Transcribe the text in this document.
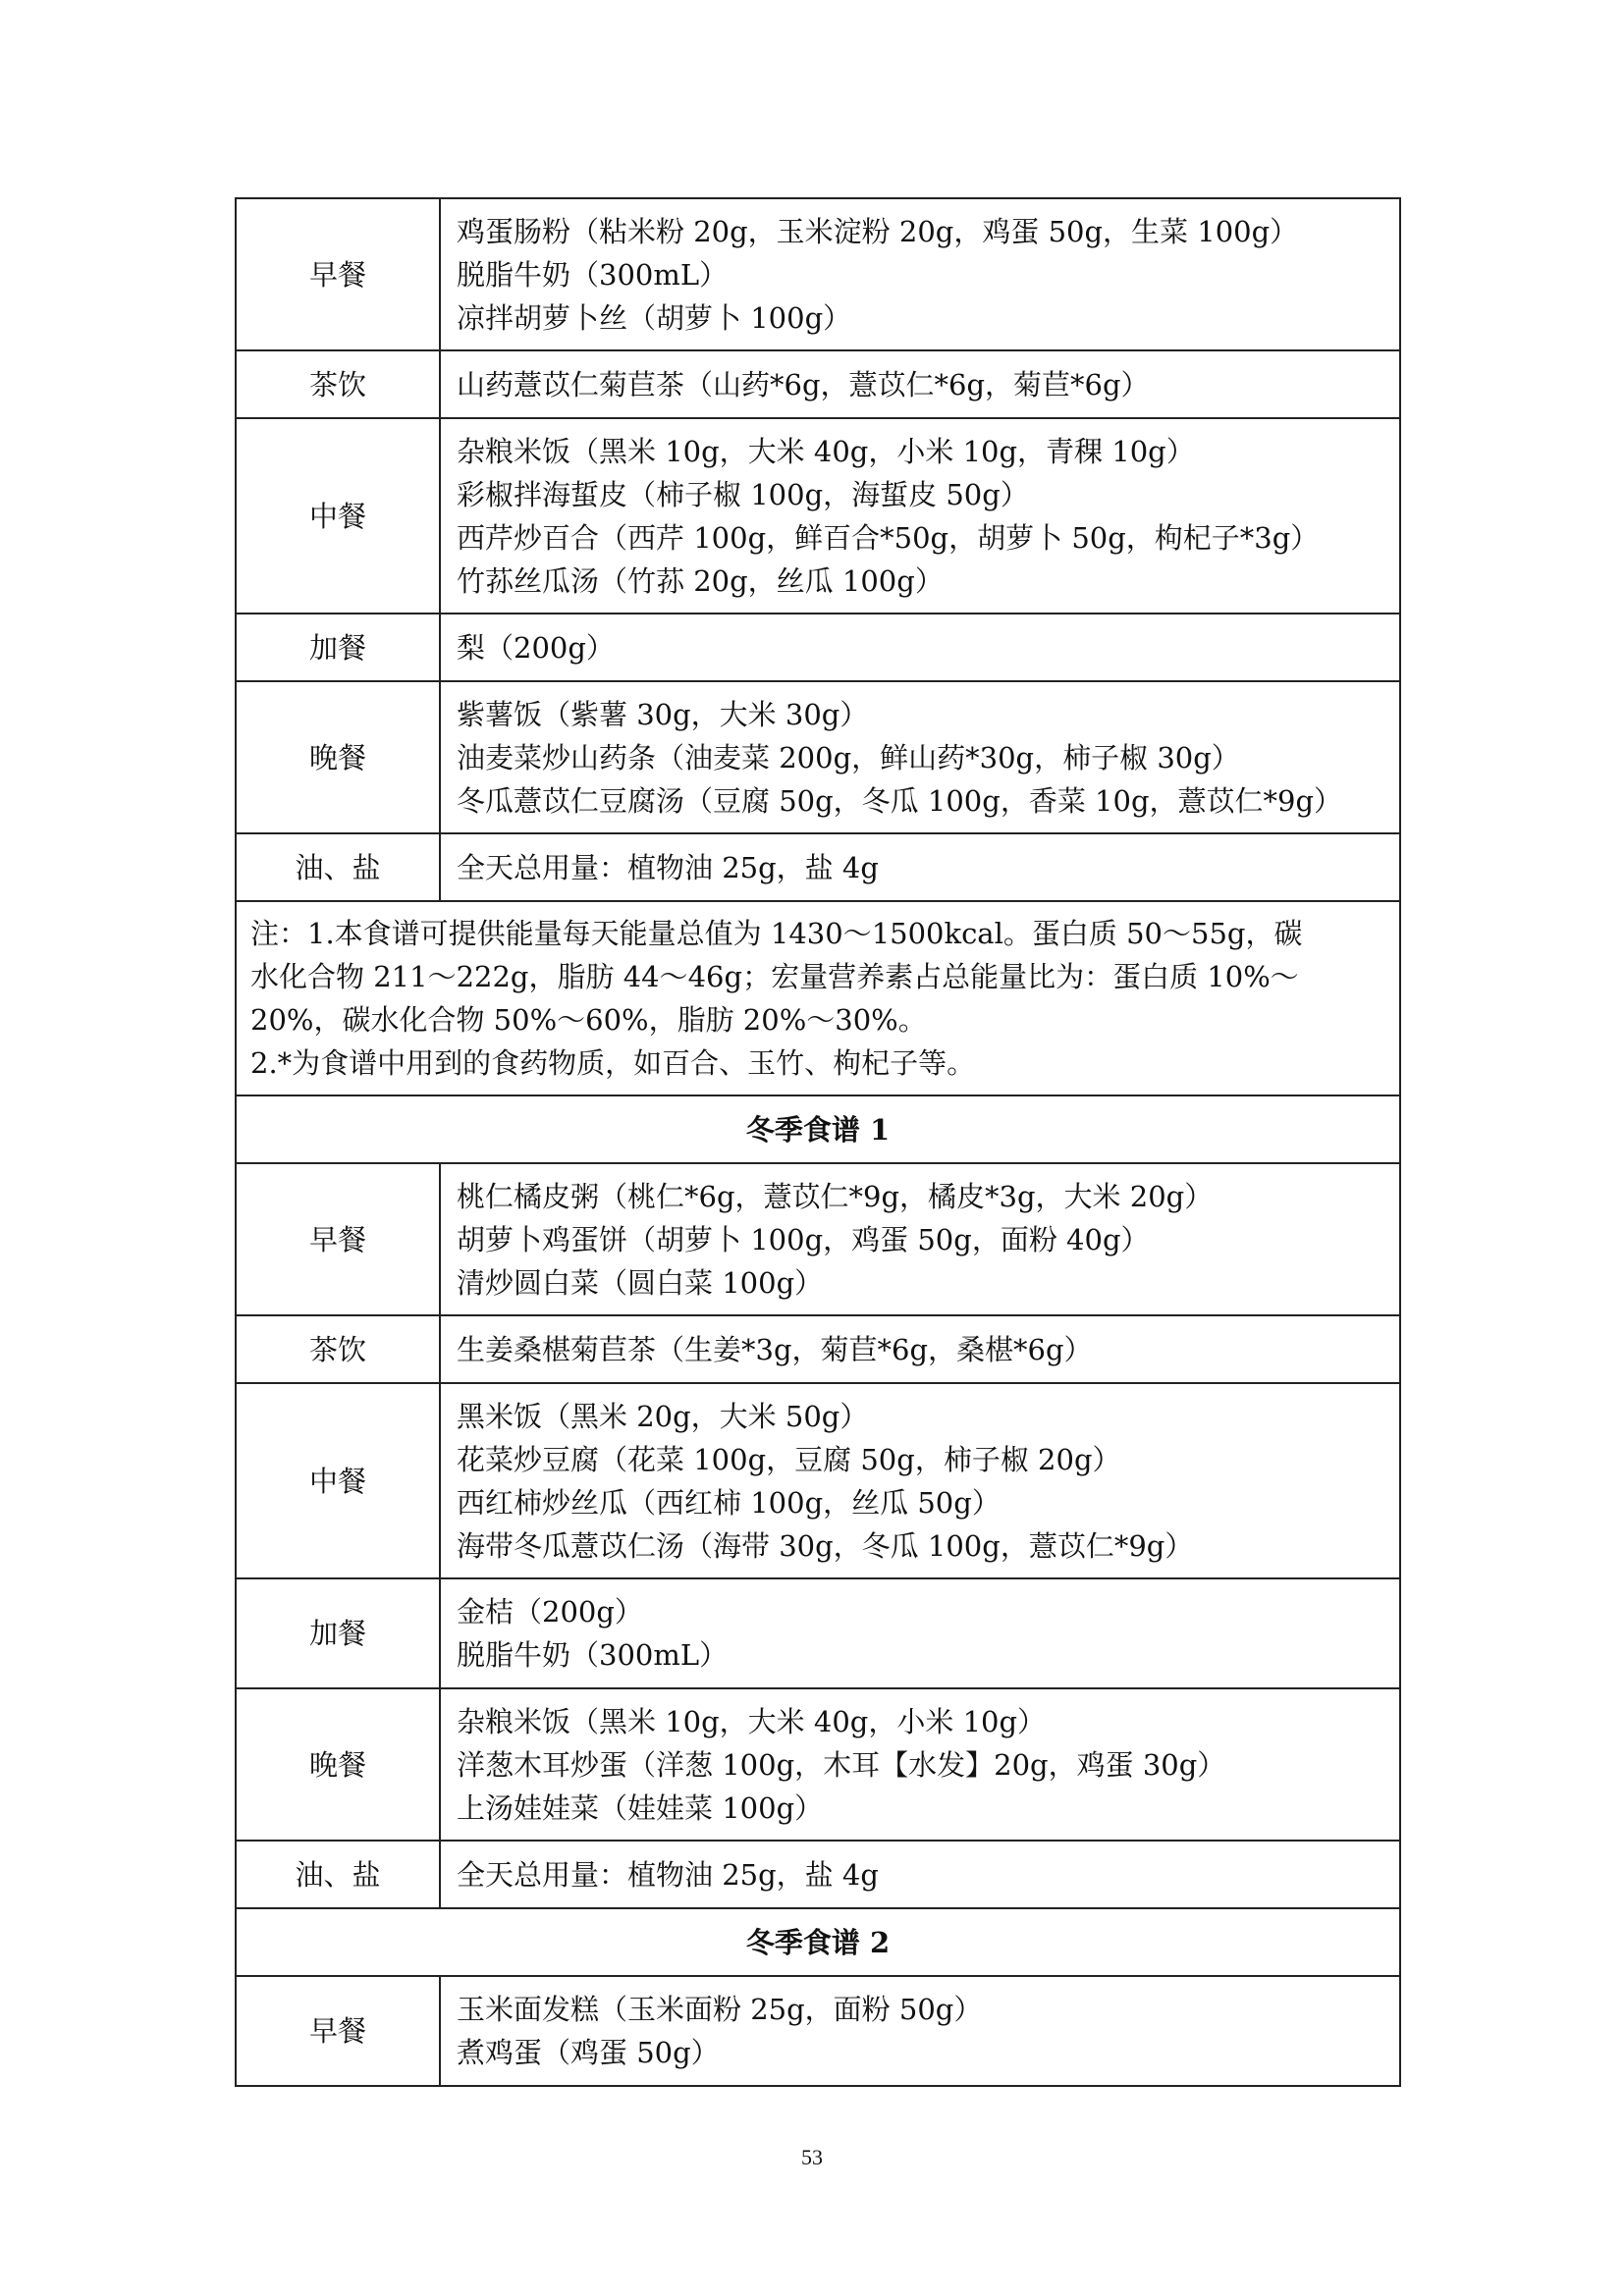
早餐	鸡蛋肠粉（粘米粉 20g，玉米淀粉 20g，鸡蛋 50g，生菜 100g）
脱脂牛奶（300mL）
凉拌胡萝卜丝（胡萝卜 100g）

茶饮	山药薏苡仁菊苣茶（山药*6g，薏苡仁*6g，菊苣*6g）

中餐	杂粮米饭（黑米 10g，大米 40g，小米 10g，青稞 10g）
彩椒拌海蜇皮（柿子椒 100g，海蜇皮 50g）
西芹炒百合（西芹 100g，鲜百合*50g，胡萝卜 50g，枸杞子*3g）
竹荪丝瓜汤（竹荪 20g，丝瓜 100g）

加餐	梨（200g）

晚餐	紫薯饭（紫薯 30g，大米 30g）
油麦菜炒山药条（油麦菜 200g，鲜山药*30g，柿子椒 30g）
冬瓜薏苡仁豆腐汤（豆腐 50g，冬瓜 100g，香菜 10g，薏苡仁*9g）

油、盐	全天总用量：植物油 25g，盐 4g

注：1.本食谱可提供能量每天能量总值为 1430～1500kcal。蛋白质 50～55g，碳
水化合物 211～222g，脂肪 44～46g；宏量营养素占总能量比为：蛋白质 10%～
20%，碳水化合物 50%～60%，脂肪 20%～30%。
2.*为食谱中用到的食药物质，如百合、玉竹、枸杞子等。	

冬季食谱 1	
早餐	桃仁橘皮粥（桃仁*6g，薏苡仁*9g，橘皮*3g，大米 20g）
胡萝卜鸡蛋饼（胡萝卜 100g，鸡蛋 50g，面粉 40g）
清炒圆白菜（圆白菜 100g）

茶饮	生姜桑椹菊苣茶（生姜*3g，菊苣*6g，桑椹*6g）

中餐	黑米饭（黑米 20g，大米 50g）
花菜炒豆腐（花菜 100g，豆腐 50g，柿子椒 20g）
西红柿炒丝瓜（西红柿 100g，丝瓜 50g）
海带冬瓜薏苡仁汤（海带 30g，冬瓜 100g，薏苡仁*9g）

加餐	金桔（200g）
脱脂牛奶（300mL）

晚餐	杂粮米饭（黑米 10g，大米 40g，小米 10g）
洋葱木耳炒蛋（洋葱 100g，木耳【水发】20g，鸡蛋 30g）
上汤娃娃菜（娃娃菜 100g）

油、盐	全天总用量：植物油 25g，盐 4g

冬季食谱 2	
早餐	玉米面发糕（玉米面粉 25g，面粉 50g）
煮鸡蛋（鸡蛋 50g）
53
